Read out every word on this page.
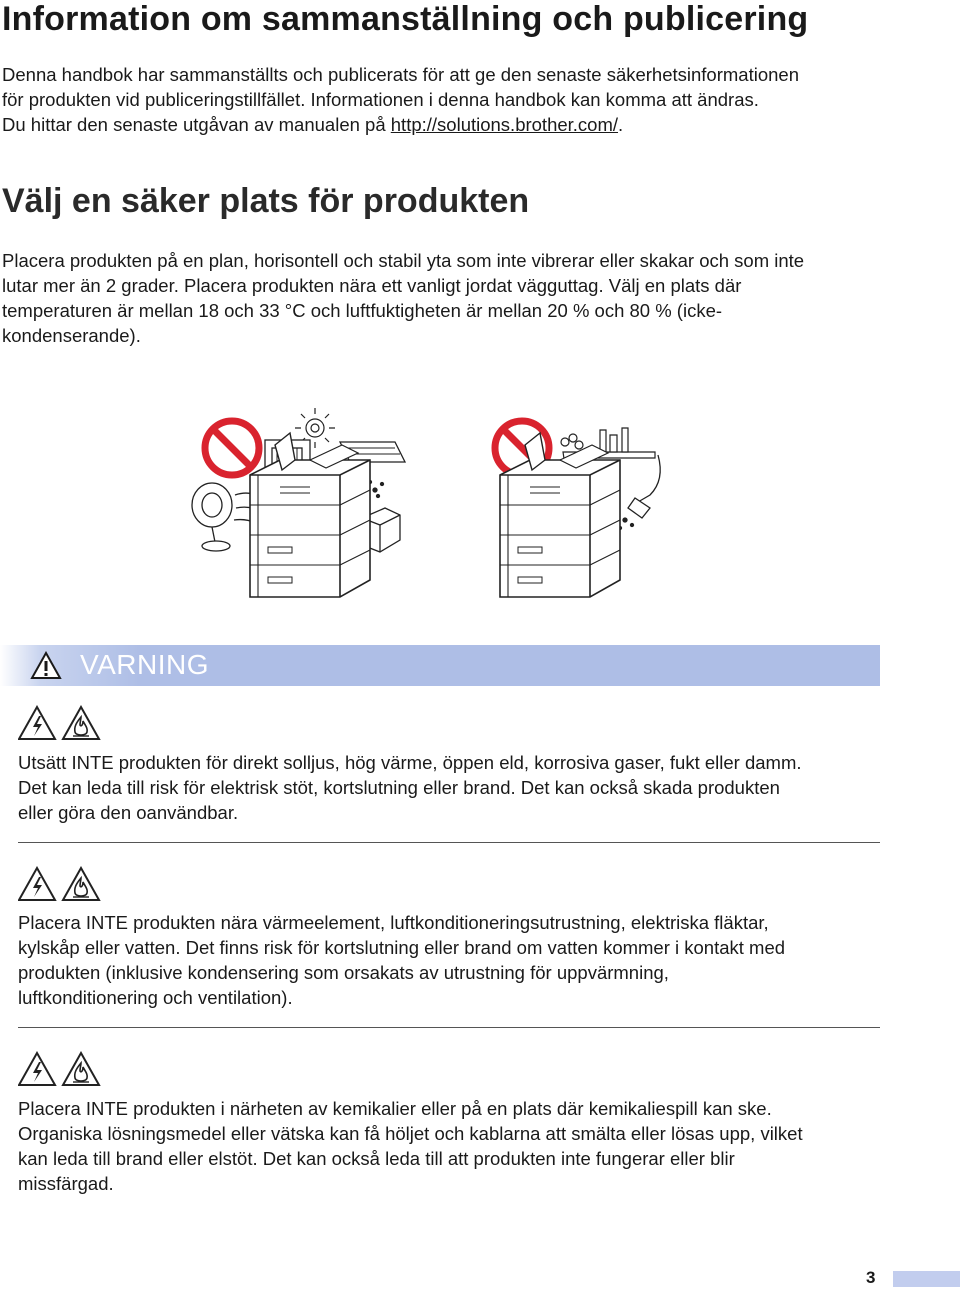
Information om sammanställning och publicering

Denna handbok har sammanställts och publicerats för att ge den senaste säkerhetsinformationen

för produkten vid publiceringstillfället. Informationen i denna handbok kan komma att ändras.

Du hittar den senaste utgåvan av manualen på http://solutions.brother.com/.

Välj en säker plats för produkten

Placera produkten på en plan, horisontell och stabil yta som inte vibrerar eller skakar och som inte

lutar mer än 2 grader. Placera produkten nära ett vanligt jordat vägguttag. Välj en plats där

temperaturen är mellan 18 och 33 °C och luftfuktigheten är mellan 20 % och 80 % (icke-

kondenserande).

VARNING

Utsätt INTE produkten för direkt solljus, hög värme, öppen eld, korrosiva gaser, fukt eller damm.

Det kan leda till risk för elektrisk stöt, kortslutning eller brand. Det kan också skada produkten

eller göra den oanvändbar.

Placera INTE produkten nära värmeelement, luftkonditioneringsutrustning, elektriska fläktar,

kylskåp eller vatten. Det finns risk för kortslutning eller brand om vatten kommer i kontakt med

produkten (inklusive kondensering som orsakats av utrustning för uppvärmning,

luftkonditionering och ventilation).

Placera INTE produkten i närheten av kemikalier eller på en plats där kemikaliespill kan ske.

Organiska lösningsmedel eller vätska kan få höljet och kablarna att smälta eller lösas upp, vilket

kan leda till brand eller elstöt. Det kan också leda till att produkten inte fungerar eller blir

missfärgad.

3
